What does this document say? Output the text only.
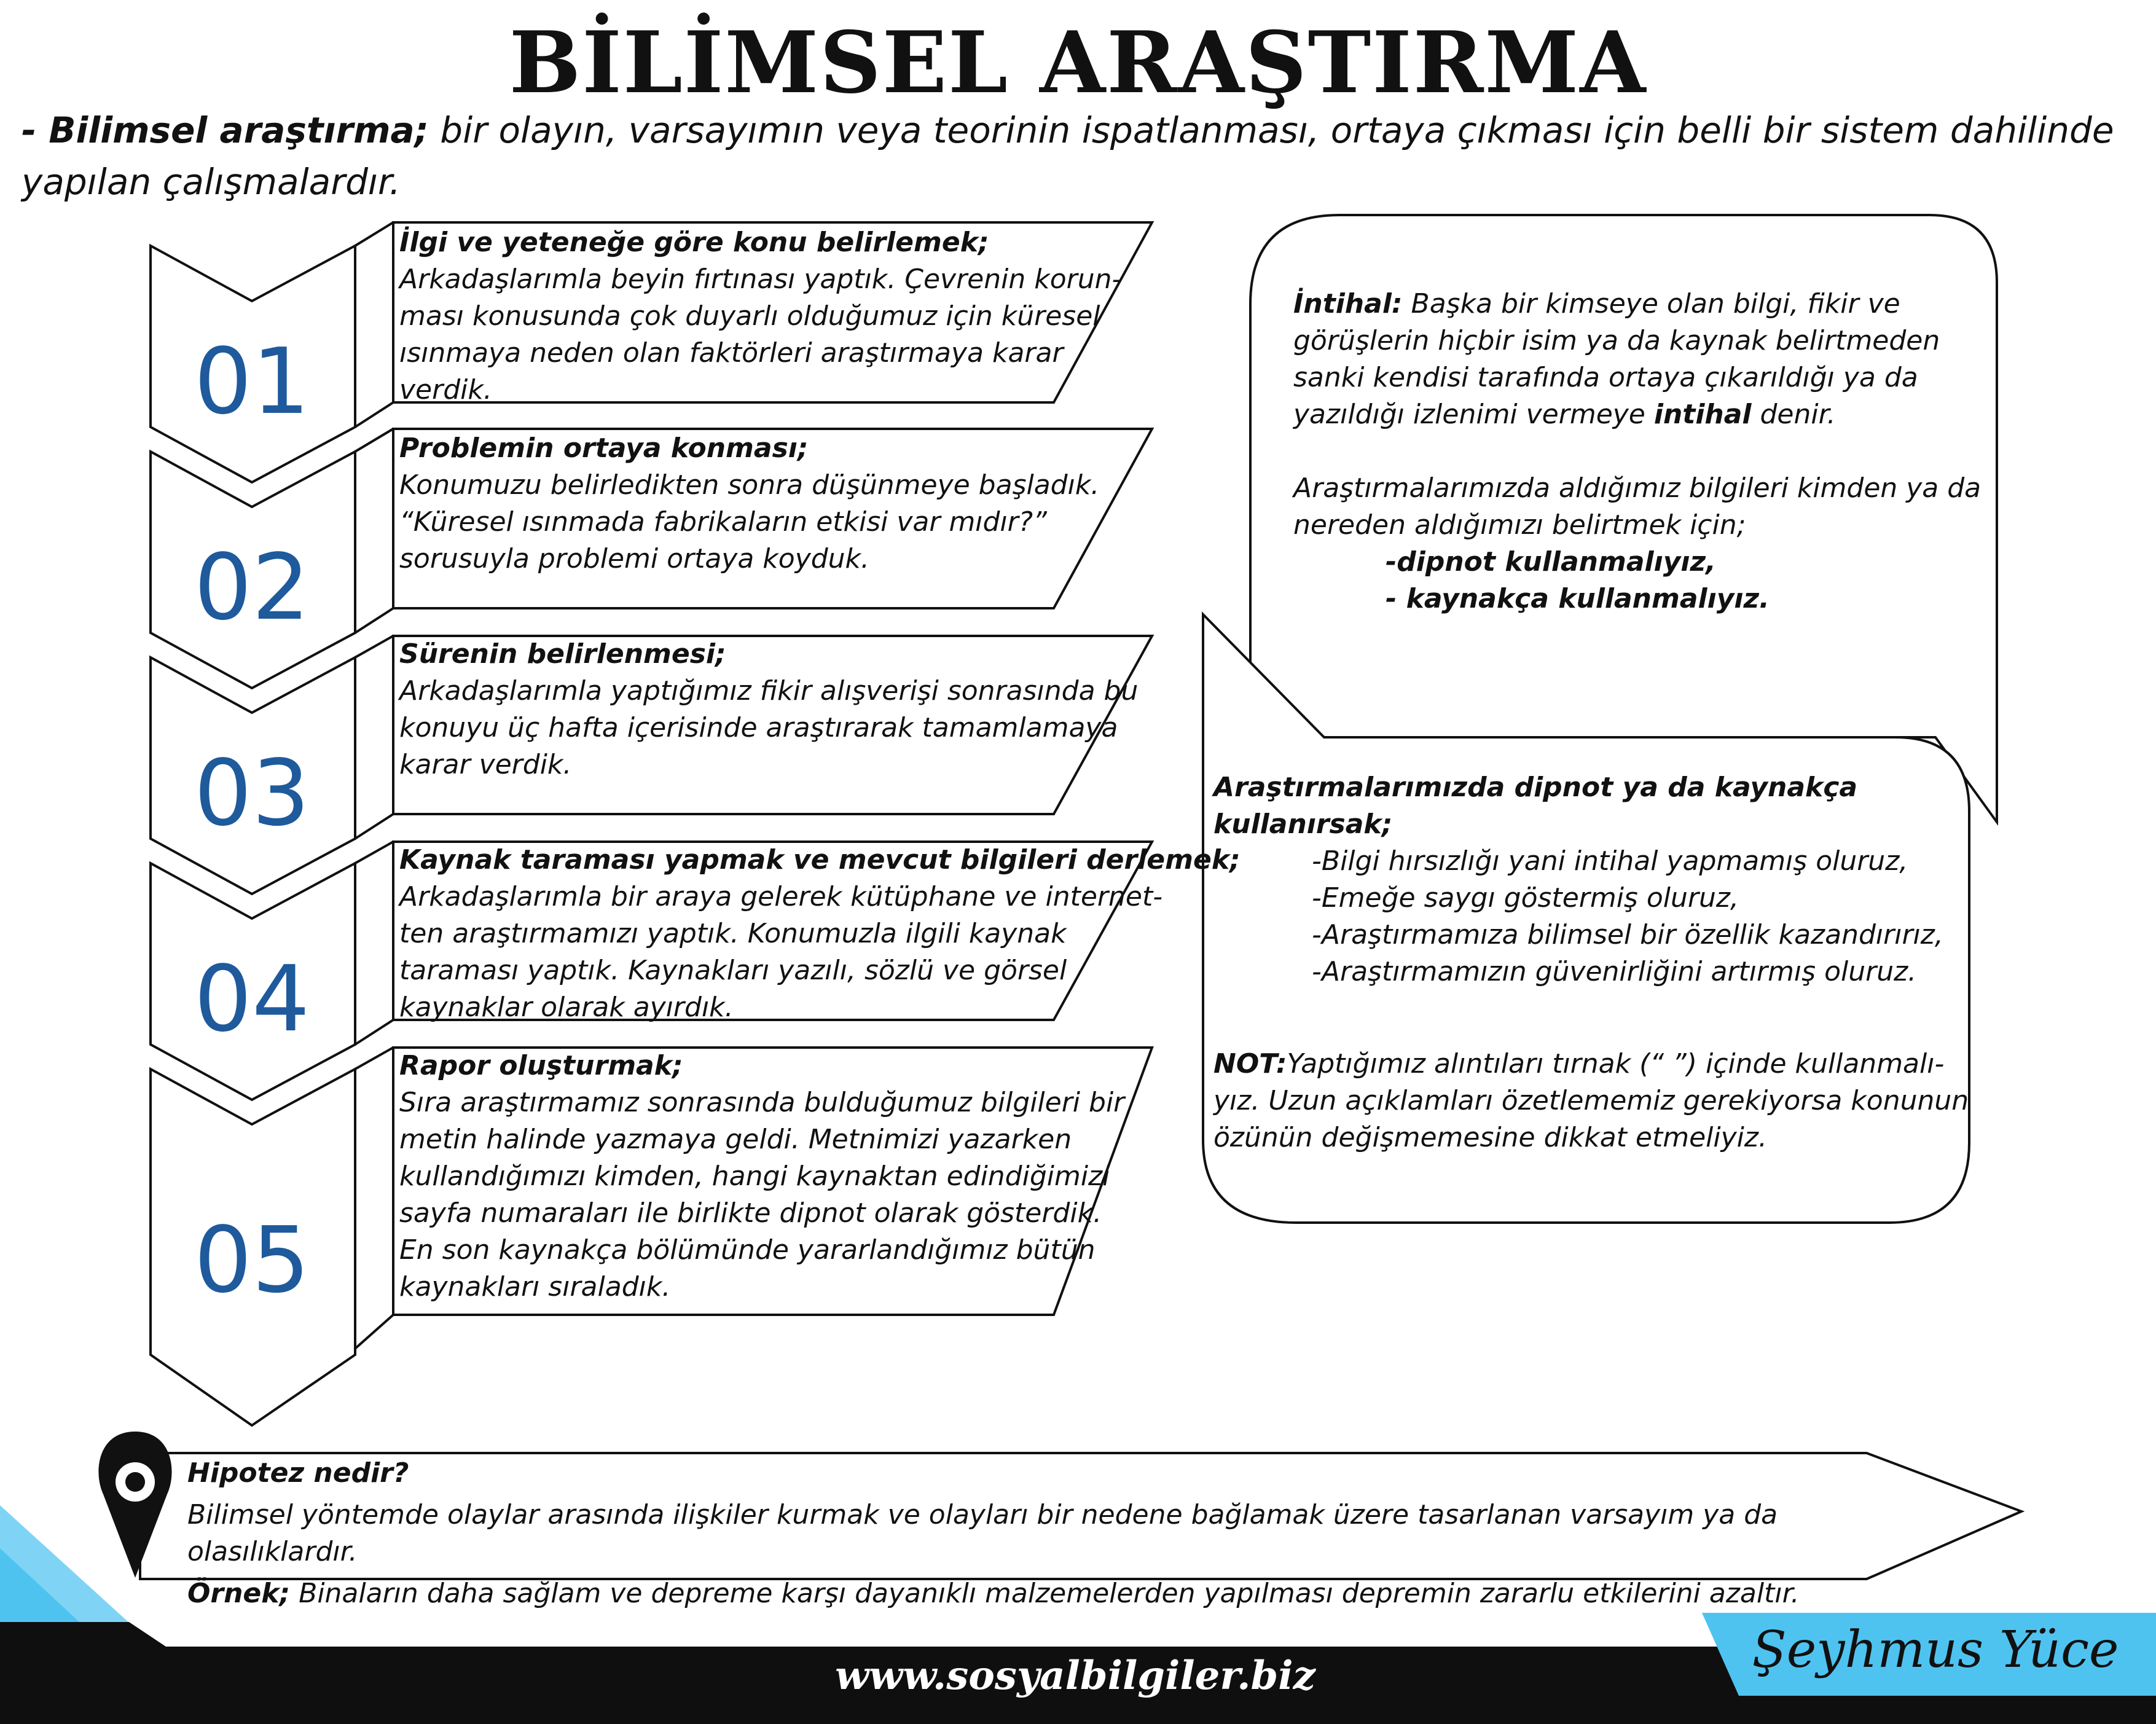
BİLİMSEL ARAŞTIRMA
- Bilimsel araştırma; bir olayın, varsayımın veya teorinin ispatlanması, ortaya çıkması için belli bir sistem dahilinde yapılan çalışmalardır.
01
02
03
04
05
İlgi ve yeteneğe göre konu belirlemek;
Arkadaşlarımla beyin fırtınası yaptık. Çevrenin korun-
ması konusunda çok duyarlı olduğumuz için küresel
ısınmaya neden olan faktörleri araştırmaya karar
verdik.
Problemin ortaya konması;
Konumuzu belirledikten sonra düşünmeye başladık.
“Küresel ısınmada fabrikaların etkisi var mıdır?”
sorusuyla problemi ortaya koyduk.
Sürenin belirlenmesi;
Arkadaşlarımla yaptığımız fikir alışverişi sonrasında bu
konuyu üç hafta içerisinde araştırarak tamamlamaya
karar verdik.
Kaynak taraması yapmak ve mevcut bilgileri derlemek;
Arkadaşlarımla bir araya gelerek kütüphane ve internet-
ten araştırmamızı yaptık. Konumuzla ilgili kaynak
taraması yaptık. Kaynakları yazılı, sözlü ve görsel
kaynaklar olarak ayırdık.
Rapor oluşturmak;
Sıra araştırmamız sonrasında bulduğumuz bilgileri bir
metin halinde yazmaya geldi. Metnimizi yazarken
kullandığımızı kimden, hangi kaynaktan edindiğimizi
sayfa numaraları ile birlikte dipnot olarak gösterdik.
En son kaynakça bölümünde yararlandığımız bütün
kaynakları sıraladık.
İntihal: Başka bir kimseye olan bilgi, fikir ve görüşlerin hiçbir isim ya da kaynak belirtmeden sanki kendisi tarafında ortaya çıkarıldığı ya da yazıldığı izlenimi vermeye intihal denir.
Araştırmalarımızda aldığımız bilgileri kimden ya da nereden aldığımızı belirtmek için;
-dipnot kullanmalıyız,
- kaynakça kullanmalıyız.
Araştırmalarımızda dipnot ya da kaynakça kullanırsak;
-Bilgi hırsızlığı yani intihal yapmamış oluruz,
-Emeğe saygı göstermiş oluruz,
-Araştırmamıza bilimsel bir özellik kazandırırız,
-Araştırmamızın güvenirliğini artırmış oluruz.
NOT:Yaptığımız alıntıları tırnak (“ ”) içinde kullanmalı-
yız. Uzun açıklamları özetlememiz gerekiyorsa konunun
özünün değişmemesine dikkat etmeliyiz.
Hipotez nedir?
Bilimsel yöntemde olaylar arasında ilişkiler kurmak ve olayları bir nedene bağlamak üzere tasarlanan varsayım ya da olasılıklardır.
Örnek; Binaların daha sağlam ve depreme karşı dayanıklı malzemelerden yapılması depremin zararlu etkilerini azaltır.
www.sosyalbilgiler.biz	Şeyhmus Yüce
